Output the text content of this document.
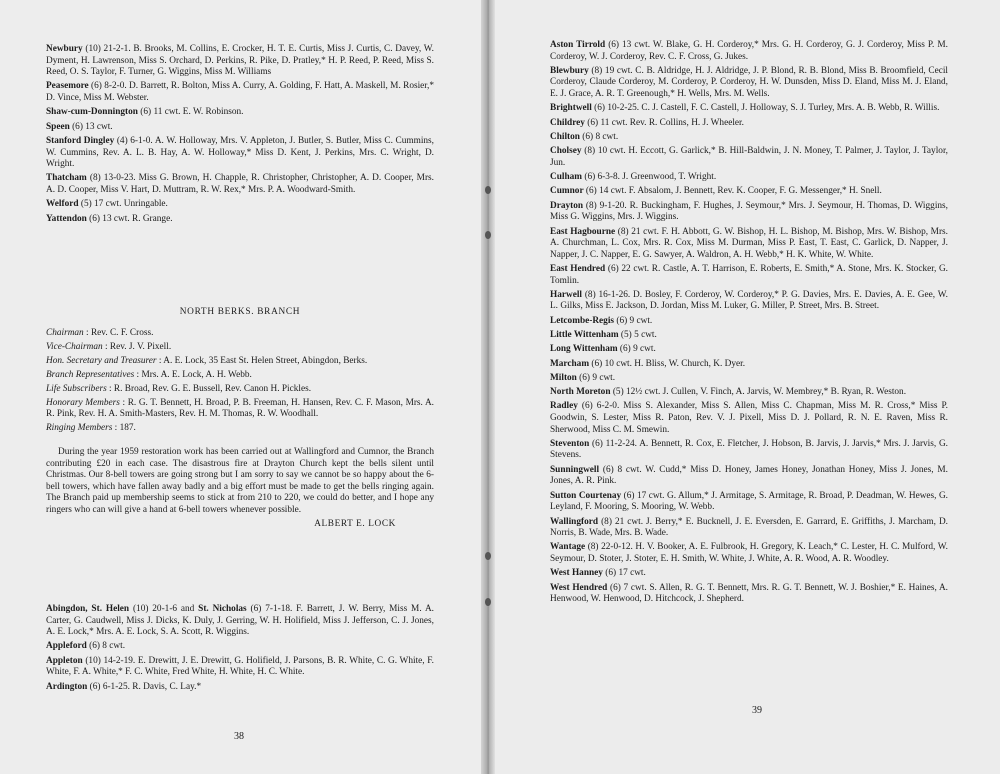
Newbury (10) 21-2-1. B. Brooks, M. Collins, E. Crocker, H. T. E. Curtis, Miss J. Curtis, C. Davey, W. Dyment, H. Lawrenson, Miss S. Orchard, D. Perkins, R. Pike, D. Pratley,* H. P. Reed, P. Reed, Miss S. Reed, O. S. Taylor, F. Turner, G. Wiggins, Miss M. Williams

Peasemore (6) 8-2-0. D. Barrett, R. Bolton, Miss A. Curry, A. Golding, F. Hatt, A. Maskell, M. Rosier,* D. Vince, Miss M. Webster.

Shaw-cum-Donnington (6) 11 cwt. E. W. Robinson.

Speen (6) 13 cwt.

Stanford Dingley (4) 6-1-0. A. W. Holloway, Mrs. V. Appleton, J. Butler, S. Butler, Miss C. Cummins, W. Cummins, Rev. A. L. B. Hay, A. W. Holloway,* Miss D. Kent, J. Perkins, Mrs. C. Wright, D. Wright.

Thatcham (8) 13-0-23. Miss G. Brown, H. Chapple, R. Christopher, Christopher, A. D. Cooper, Mrs. A. D. Cooper, Miss V. Hart, D. Muttram, R. W. Rex,* Mrs. P. A. Woodward-Smith.

Welford (5) 17 cwt. Unringable.

Yattendon (6) 13 cwt. R. Grange.

NORTH BERKS. BRANCH

Chairman : Rev. C. F. Cross.

Vice-Chairman : Rev. J. V. Pixell.

Hon. Secretary and Treasurer : A. E. Lock, 35 East St. Helen Street, Abingdon, Berks.

Branch Representatives : Mrs. A. E. Lock, A. H. Webb.

Life Subscribers : R. Broad, Rev. G. E. Bussell, Rev. Canon H. Pickles.

Honorary Members : R. G. T. Bennett, H. Broad, P. B. Freeman, H. Hansen, Rev. C. F. Mason, Mrs. A. R. Pink, Rev. H. A. Smith-Masters, Rev. H. M. Thomas, R. W. Woodhall.

Ringing Members : 187.

During the year 1959 restoration work has been carried out at Wallingford and Cumnor, the Branch contributing £20 in each case. The disastrous fire at Drayton Church kept the bells silent until Christmas. Our 8-bell towers are going strong but I am sorry to say we cannot be so happy about the 6-bell towers, which have fallen away badly and a big effort must be made to get the bells ringing again. The Branch paid up membership seems to stick at from 210 to 220, we could do better, and I hope any ringers who can will give a hand at 6-bell towers whenever possible.

ALBERT E. LOCK

Abingdon, St. Helen (10) 20-1-6 and St. Nicholas (6) 7-1-18. F. Barrett, J. W. Berry, Miss M. A. Carter, G. Caudwell, Miss J. Dicks, K. Duly, J. Gerring, W. H. Holifield, Miss J. Jefferson, C. J. Jones, A. E. Lock,* Mrs. A. E. Lock, S. A. Scott, R. Wiggins.

Appleford (6) 8 cwt.

Appleton (10) 14-2-19. E. Drewitt, J. E. Drewitt, G. Holifield, J. Parsons, B. R. White, C. G. White, F. White, F. A. White,* F. C. White, Fred White, H. White, H. C. White.

Ardington (6) 6-1-25. R. Davis, C. Lay.*

38

Aston Tirrold (6) 13 cwt. W. Blake, G. H. Corderoy,* Mrs. G. H. Corderoy, G. J. Corderoy, Miss P. M. Corderoy, W. J. Corderoy, Rev. C. F. Cross, G. Jukes.

Blewbury (8) 19 cwt. C. B. Aldridge, H. J. Aldridge, J. P. Blond, R. B. Blond, Miss B. Broomfield, Cecil Corderoy, Claude Corderoy, M. Corderoy, P. Corderoy, H. W. Dunsden, Miss D. Eland, Miss M. J. Eland, E. J. Grace, A. R. T. Greenough,* H. Wells, Mrs. M. Wells.

Brightwell (6) 10-2-25. C. J. Castell, F. C. Castell, J. Holloway, S. J. Turley, Mrs. A. B. Webb, R. Willis.

Childrey (6) 11 cwt. Rev. R. Collins, H. J. Wheeler.

Chilton (6) 8 cwt.

Cholsey (8) 10 cwt. H. Eccott, G. Garlick,* B. Hill-Baldwin, J. N. Money, T. Palmer, J. Taylor, J. Taylor, Jun.

Culham (6) 6-3-8. J. Greenwood, T. Wright.

Cumnor (6) 14 cwt. F. Absalom, J. Bennett, Rev. K. Cooper, F. G. Messenger,* H. Snell.

Drayton (8) 9-1-20. R. Buckingham, F. Hughes, J. Seymour,* Mrs. J. Seymour, H. Thomas, D. Wiggins, Miss G. Wiggins, Mrs. J. Wiggins.

East Hagbourne (8) 21 cwt. F. H. Abbott, G. W. Bishop, H. L. Bishop, M. Bishop, Mrs. W. Bishop, Mrs. A. Churchman, L. Cox, Mrs. R. Cox, Miss M. Durman, Miss P. East, T. East, C. Garlick, D. Napper, J. Napper, J. C. Napper, E. G. Sawyer, A. Waldron, A. H. Webb,* H. K. White, W. White.

East Hendred (6) 22 cwt. R. Castle, A. T. Harrison, E. Roberts, E. Smith,* A. Stone, Mrs. K. Stocker, G. Tomlin.

Harwell (8) 16-1-26. D. Bosley, F. Corderoy, W. Corderoy,* P. G. Davies, Mrs. E. Davies, A. E. Gee, W. L. Gilks, Miss E. Jackson, D. Jordan, Miss M. Luker, G. Miller, P. Street, Mrs. B. Street.

Letcombe-Regis (6) 9 cwt.

Little Wittenham (5) 5 cwt.

Long Wittenham (6) 9 cwt.

Marcham (6) 10 cwt. H. Bliss, W. Church, K. Dyer.

Milton (6) 9 cwt.

North Moreton (5) 12½ cwt. J. Cullen, V. Finch, A. Jarvis, W. Membrey,* B. Ryan, R. Weston.

Radley (6) 6-2-0. Miss S. Alexander, Miss S. Allen, Miss C. Chapman, Miss M. R. Cross,* Miss P. Goodwin, S. Lester, Miss R. Paton, Rev. V. J. Pixell, Miss D. J. Pollard, R. N. E. Raven, Miss R. Sherwood, Miss C. M. Smewin.

Steventon (6) 11-2-24. A. Bennett, R. Cox, E. Fletcher, J. Hobson, B. Jarvis, J. Jarvis,* Mrs. J. Jarvis, G. Stevens.

Sunningwell (6) 8 cwt. W. Cudd,* Miss D. Honey, James Honey, Jonathan Honey, Miss J. Jones, M. Jones, A. R. Pink.

Sutton Courtenay (6) 17 cwt. G. Allum,* J. Armitage, S. Armitage, R. Broad, P. Deadman, W. Hewes, G. Leyland, F. Mooring, S. Mooring, W. Webb.

Wallingford (8) 21 cwt. J. Berry,* E. Bucknell, J. E. Eversden, E. Garrard, E. Griffiths, J. Marcham, D. Norris, B. Wade, Mrs. B. Wade.

Wantage (8) 22-0-12. H. V. Booker, A. E. Fulbrook, H. Gregory, K. Leach,* C. Lester, H. C. Mulford, W. Seymour, D. Stoter, J. Stoter, E. H. Smith, W. White, J. White, A. R. Wood, A. R. Woodley.

West Hanney (6) 17 cwt.

West Hendred (6) 7 cwt. S. Allen, R. G. T. Bennett, Mrs. R. G. T. Bennett, W. J. Boshier,* E. Haines, A. Henwood, W. Henwood, D. Hitchcock, J. Shepherd.

39
